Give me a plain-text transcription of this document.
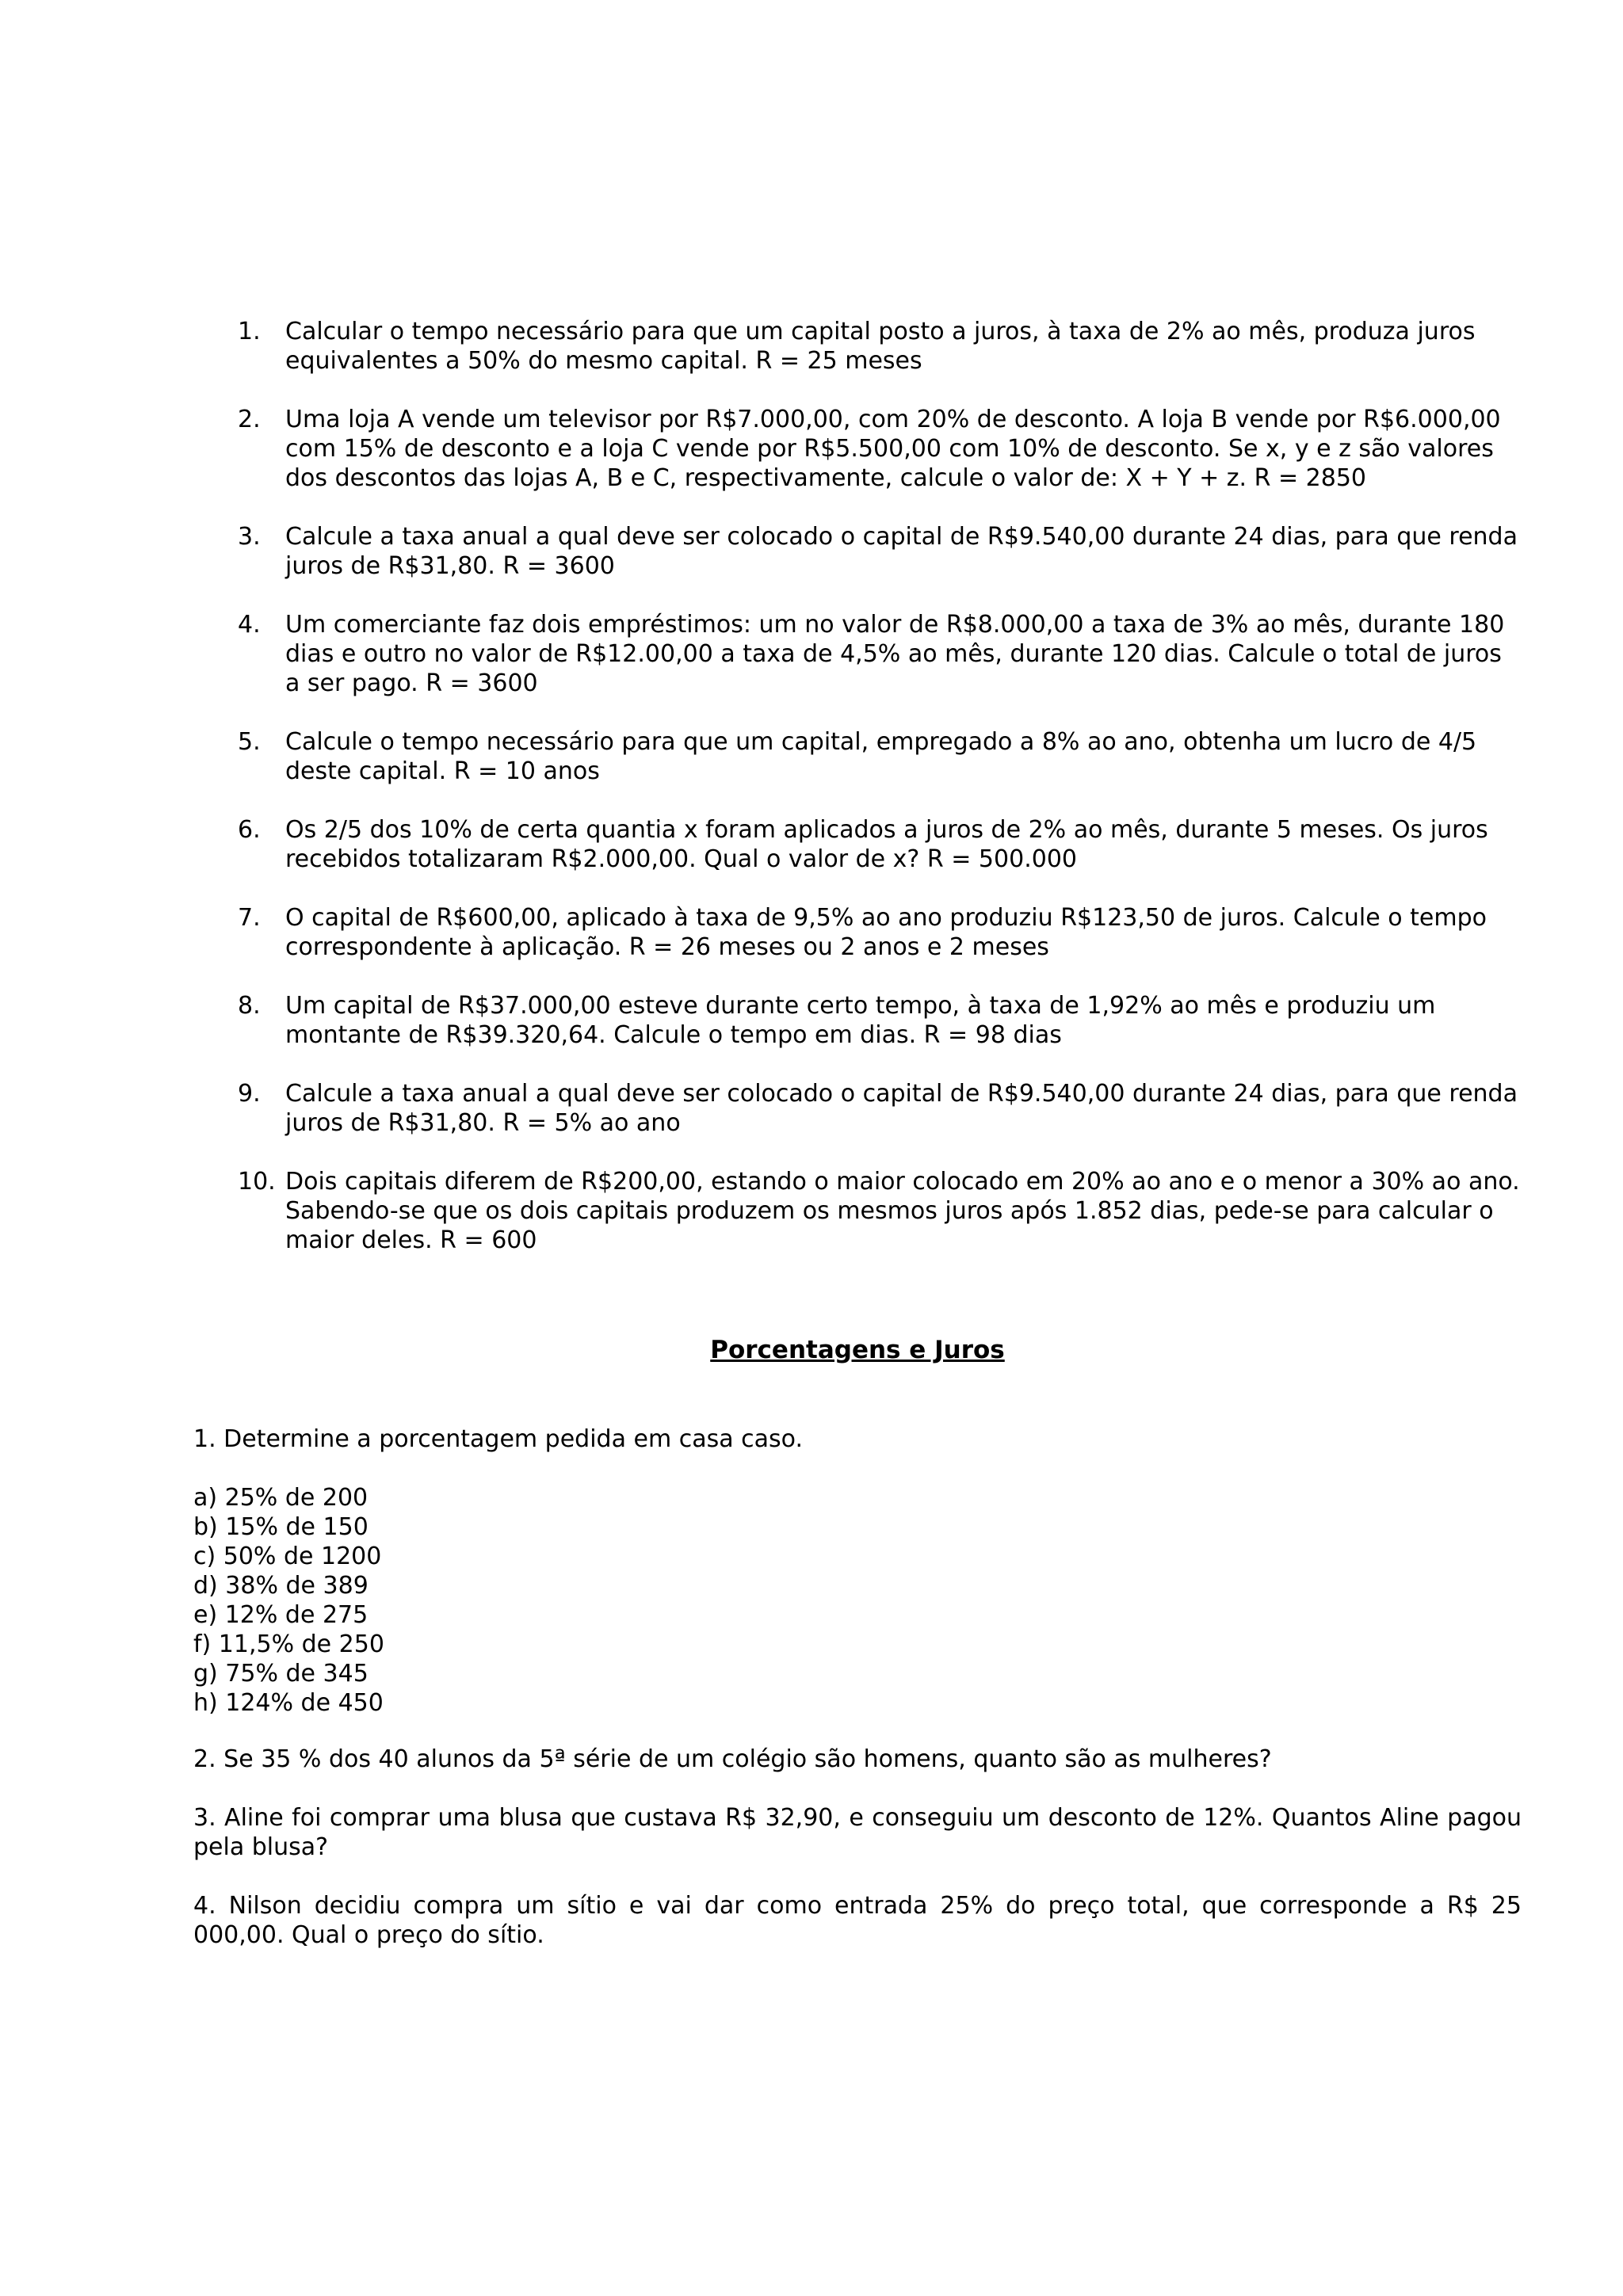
1. Calcular o tempo necessário para que um capital posto a juros, à taxa de 2% ao mês, produza juros equivalentes a 50% do mesmo capital. R = 25 meses
2. Uma loja A vende um televisor por R$7.000,00, com 20% de desconto. A loja B vende por R$6.000,00 com 15% de desconto e a loja C vende por R$5.500,00 com 10% de desconto. Se x, y e z são valores dos descontos das lojas A, B e C, respectivamente, calcule o valor de: X + Y + z. R = 2850
3. Calcule a taxa anual a qual deve ser colocado o capital de R$9.540,00 durante 24 dias, para que renda juros de R$31,80. R = 3600
4. Um comerciante faz dois empréstimos: um no valor de R$8.000,00 a taxa de 3% ao mês, durante 180 dias e outro no valor de R$12.00,00 a taxa de 4,5% ao mês, durante 120 dias. Calcule o total de juros a ser pago. R = 3600
5. Calcule o tempo necessário para que um capital, empregado a 8% ao ano, obtenha um lucro de 4/5 deste capital. R = 10 anos
6. Os 2/5 dos 10% de certa quantia x foram aplicados a juros de 2% ao mês, durante 5 meses. Os juros recebidos totalizaram R$2.000,00. Qual o valor de x? R = 500.000
7. O capital de R$600,00, aplicado à taxa de 9,5% ao ano produziu R$123,50 de juros. Calcule o tempo correspondente à aplicação. R = 26 meses ou 2 anos e 2 meses
8. Um capital de R$37.000,00 esteve durante certo tempo, à taxa de 1,92% ao mês e produziu um montante de R$39.320,64. Calcule o tempo em dias. R = 98 dias
9. Calcule a taxa anual a qual deve ser colocado o capital de R$9.540,00 durante 24 dias, para que renda juros de R$31,80. R = 5% ao ano
10. Dois capitais diferem de R$200,00, estando o maior colocado em 20% ao ano e o menor a 30% ao ano. Sabendo-se que os dois capitais produzem os mesmos juros após 1.852 dias, pede-se para calcular o maior deles. R = 600
Porcentagens e Juros
1. Determine a porcentagem pedida em casa caso.
a) 25% de 200
b) 15% de 150
c) 50% de 1200
d) 38% de 389
e) 12% de 275
f) 11,5% de 250
g) 75% de 345
h) 124% de 450
2. Se 35 % dos 40 alunos da 5ª série de um colégio são homens, quanto são as mulheres?
3. Aline foi comprar uma blusa que custava R$ 32,90, e conseguiu um desconto de 12%. Quantos Aline pagou pela blusa?
4. Nilson decidiu compra um sítio e vai dar como entrada 25% do preço total, que corresponde a R$ 25 000,00. Qual o preço do sítio.
